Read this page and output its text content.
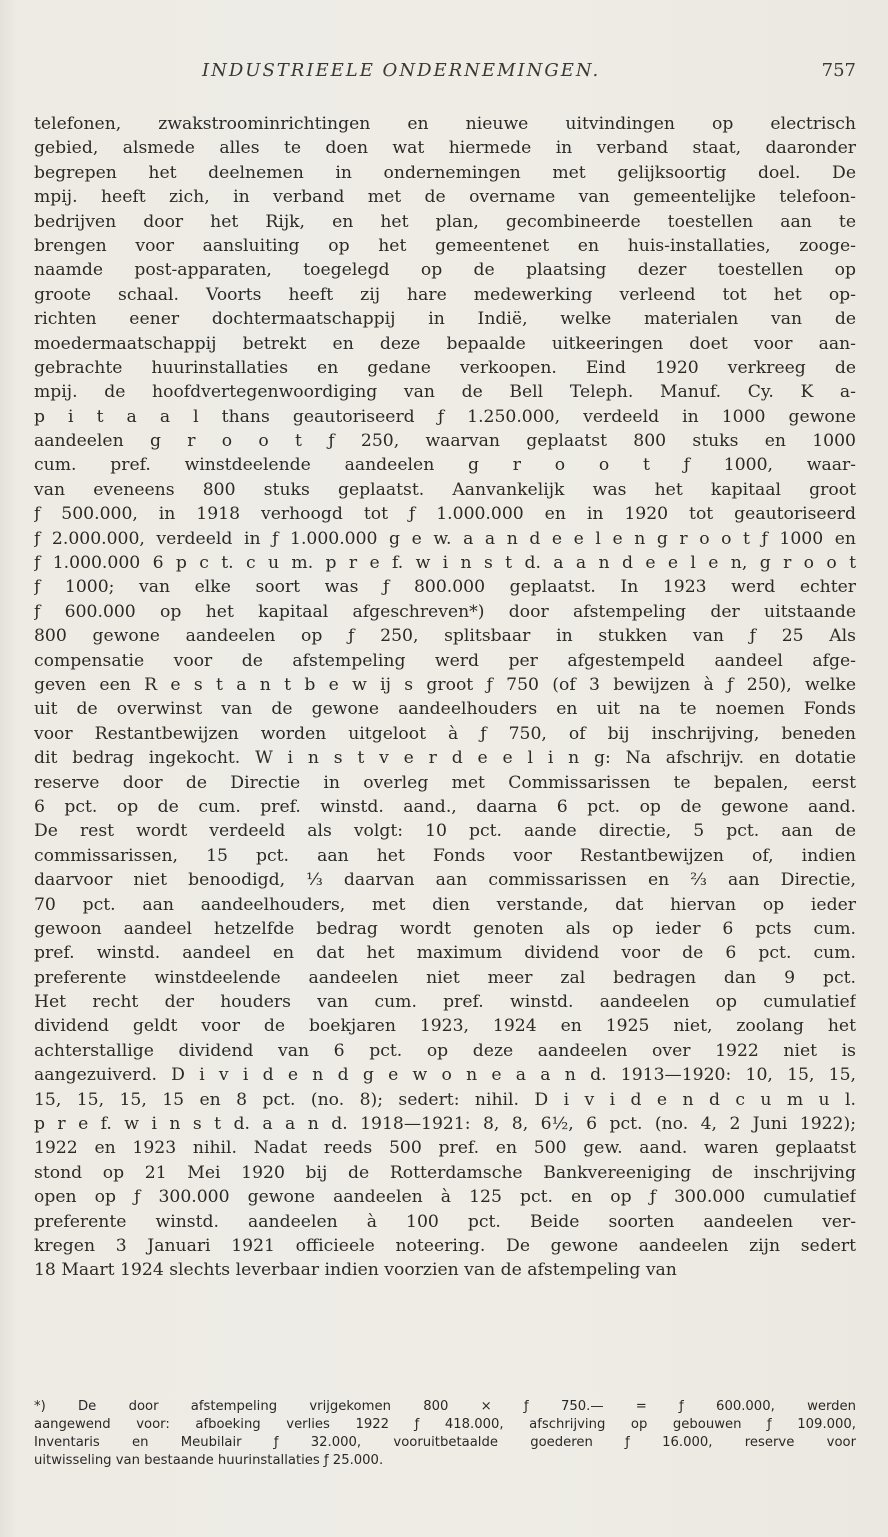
INDUSTRIEELE ONDERNEMINGEN.	757
telefonen, zwakstroominrichtingen en nieuwe uitvindingen op electrisch
gebied, alsmede alles te doen wat hiermede in verband staat, daaronder
begrepen het deelnemen in ondernemingen met gelijksoortig doel. De
mpij. heeft zich, in verband met de overname van gemeentelijke telefoon-
bedrijven door het Rijk, en het plan, gecombineerde toestellen aan te
brengen voor aansluiting op het gemeentenet en huis-installaties, zooge-
naamde post-apparaten, toegelegd op de plaatsing dezer toestellen op
groote schaal. Voorts heeft zij hare medewerking verleend tot het op-
richten eener dochtermaatschappij in Indië, welke materialen van de
moedermaatschappij betrekt en deze bepaalde uitkeeringen doet voor aan-
gebrachte huurinstallaties en gedane verkoopen. Eind 1920 verkreeg de
mpij. de hoofdvertegenwoordiging van de Bell Teleph. Manuf. Cy. K a-
p i t a a l thans geautoriseerd ƒ 1.250.000, verdeeld in 1000 gewone
aandeelen g r o o t ƒ 250, waarvan geplaatst 800 stuks en 1000
cum. pref. winstdeelende aandeelen g r o o t ƒ 1000, waar-
van eveneens 800 stuks geplaatst. Aanvankelijk was het kapitaal groot
ƒ 500.000, in 1918 verhoogd tot ƒ 1.000.000 en in 1920 tot geautoriseerd
ƒ 2.000.000, verdeeld in ƒ 1.000.000 g e w. a a n d e e l e n g r o o t ƒ 1000 en
ƒ 1.000.000 6 p c t. c u m. p r e f. w i n s t d. a a n d e e l e n, g r o o t
ƒ 1000; van elke soort was ƒ 800.000 geplaatst. In 1923 werd echter
ƒ 600.000 op het kapitaal afgeschreven*) door afstempeling der uitstaande
800 gewone aandeelen op ƒ 250, splitsbaar in stukken van ƒ 25 Als
compensatie voor de afstempeling werd per afgestempeld aandeel afge-
geven een R e s t a n t b e w ij s groot ƒ 750 (of 3 bewijzen à ƒ 250), welke
uit de overwinst van de gewone aandeelhouders en uit na te noemen Fonds
voor Restantbewijzen worden uitgeloot à ƒ 750, of bij inschrijving, beneden
dit bedrag ingekocht. W i n s t v e r d e e l i n g: Na afschrijv. en dotatie
reserve door de Directie in overleg met Commissarissen te bepalen, eerst
6 pct. op de cum. pref. winstd. aand., daarna 6 pct. op de gewone aand.
De rest wordt verdeeld als volgt: 10 pct. aande directie, 5 pct. aan de
commissarissen, 15 pct. aan het Fonds voor Restantbewijzen of, indien
daarvoor niet benoodigd, ⅓ daarvan aan commissarissen en ⅔ aan Directie,
70 pct. aan aandeelhouders, met dien verstande, dat hiervan op ieder
gewoon aandeel hetzelfde bedrag wordt genoten als op ieder 6 pcts cum.
pref. winstd. aandeel en dat het maximum dividend voor de 6 pct. cum.
preferente winstdeelende aandeelen niet meer zal bedragen dan 9 pct.
Het recht der houders van cum. pref. winstd. aandeelen op cumulatief
dividend geldt voor de boekjaren 1923, 1924 en 1925 niet, zoolang het
achterstallige dividend van 6 pct. op deze aandeelen over 1922 niet is
aangezuiverd. D i v i d e n d g e w o n e a a n d. 1913—1920: 10, 15, 15,
15, 15, 15, 15 en 8 pct. (no. 8); sedert: nihil. D i v i d e n d c u m u l.
p r e f. w i n s t d. a a n d. 1918—1921: 8, 8, 6½, 6 pct. (no. 4, 2 Juni 1922);
1922 en 1923 nihil. Nadat reeds 500 pref. en 500 gew. aand. waren geplaatst
stond op 21 Mei 1920 bij de Rotterdamsche Bankvereeniging de inschrijving
open op ƒ 300.000 gewone aandeelen à 125 pct. en op ƒ 300.000 cumulatief
preferente winstd. aandeelen à 100 pct. Beide soorten aandeelen ver-
kregen 3 Januari 1921 officieele noteering. De gewone aandeelen zijn sedert
18 Maart 1924 slechts leverbaar indien voorzien van de afstempeling van
*) De door afstempeling vrijgekomen 800 × ƒ 750.— = ƒ 600.000, werden
aangewend voor: afboeking verlies 1922 ƒ 418.000, afschrijving op gebouwen ƒ 109.000,
Inventaris en Meubilair ƒ 32.000, vooruitbetaalde goederen ƒ 16.000, reserve voor
uitwisseling van bestaande huurinstallaties ƒ 25.000.
